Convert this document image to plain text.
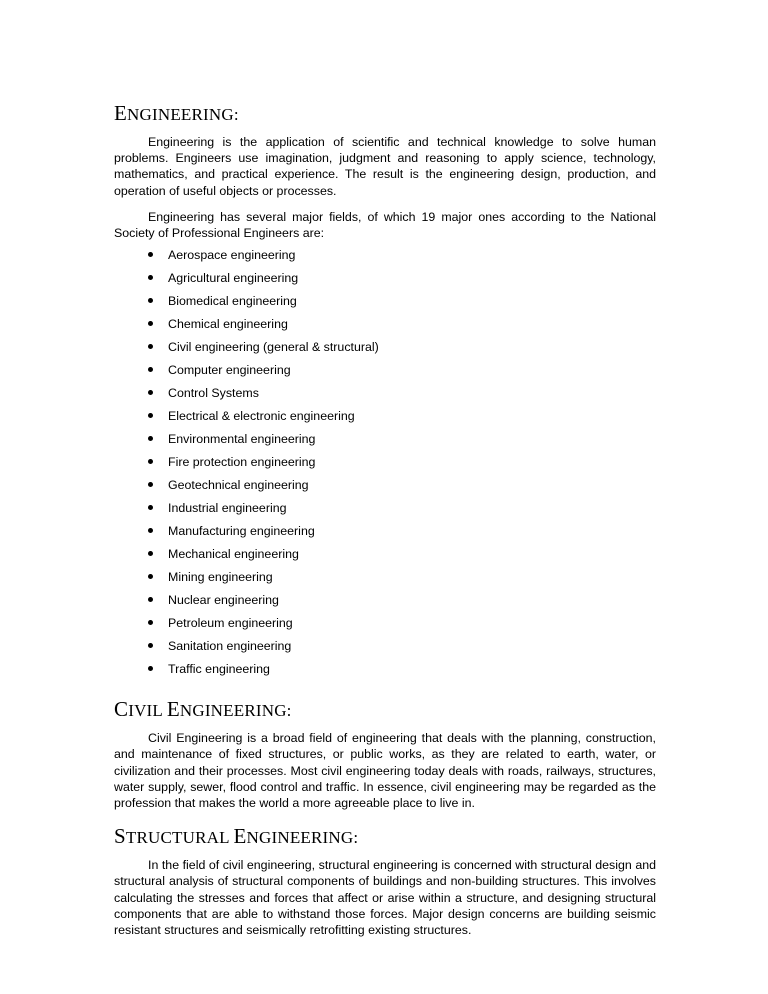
ENGINEERING:

Engineering is the application of scientific and technical knowledge to solve human problems. Engineers use imagination, judgment and reasoning to apply science, technology, mathematics, and practical experience. The result is the engineering design, production, and operation of useful objects or processes.

Engineering has several major fields, of which 19 major ones according to the National Society of Professional Engineers are:

Aerospace engineering
Agricultural engineering
Biomedical engineering
Chemical engineering
Civil engineering (general & structural)
Computer engineering
Control Systems
Electrical & electronic engineering
Environmental engineering
Fire protection engineering
Geotechnical engineering
Industrial engineering
Manufacturing engineering
Mechanical engineering
Mining engineering
Nuclear engineering
Petroleum engineering
Sanitation engineering
Traffic engineering
CIVIL ENGINEERING:

Civil Engineering is a broad field of engineering that deals with the planning, construction, and maintenance of fixed structures, or public works, as they are related to earth, water, or civilization and their processes. Most civil engineering today deals with roads, railways, structures, water supply, sewer, flood control and traffic. In essence, civil engineering may be regarded as the profession that makes the world a more agreeable place to live in.

STRUCTURAL ENGINEERING:

In the field of civil engineering, structural engineering is concerned with structural design and structural analysis of structural components of buildings and non-building structures. This involves calculating the stresses and forces that affect or arise within a structure, and designing structural components that are able to withstand those forces. Major design concerns are building seismic resistant structures and seismically retrofitting existing structures.
